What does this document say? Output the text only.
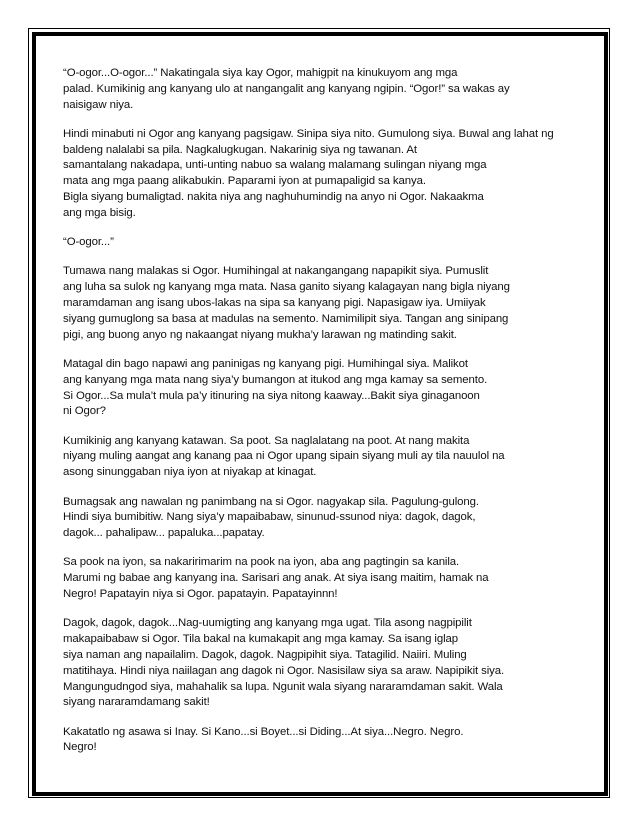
“O-ogor...O-ogor...” Nakatingala siya kay Ogor, mahigpit na kinukuyom ang mga
palad. Kumikinig ang kanyang ulo at nangangalit ang kanyang ngipin. “Ogor!” sa wakas ay
naisigaw niya.
Hindi minabuti ni Ogor ang kanyang pagsigaw. Sinipa siya nito. Gumulong siya. Buwal ang lahat ng
baldeng nalalabi sa pila. Nagkalugkugan. Nakarinig siya ng tawanan. At
samantalang nakadapa, unti-unting nabuo sa walang malamang sulingan niyang mga
mata ang mga paang alikabukin. Paparami iyon at pumapaligid sa kanya.
Bigla siyang bumaligtad. nakita niya ang naghuhumindig na anyo ni Ogor. Nakaakma
ang mga bisig.
“O-ogor...”
Tumawa nang malakas si Ogor. Humihingal at nakangangang napapikit siya. Pumuslit
ang luha sa sulok ng kanyang mga mata. Nasa ganito siyang kalagayan nang bigla niyang
maramdaman ang isang ubos-lakas na sipa sa kanyang pigi. Napasigaw iya. Umiiyak
siyang gumuglong sa basa at madulas na semento. Namimilipit siya. Tangan ang sinipang
pigi, ang buong anyo ng nakaangat niyang mukha’y larawan ng matinding sakit.
Matagal din bago napawi ang paninigas ng kanyang pigi. Humihingal siya. Malikot
ang kanyang mga mata nang siya’y bumangon at itukod ang mga kamay sa semento.
Si Ogor...Sa mula’t mula pa’y itinuring na siya nitong kaaway...Bakit siya ginaganoon
ni Ogor?
Kumikinig ang kanyang katawan. Sa poot. Sa naglalatang na poot. At nang makita
niyang muling aangat ang kanang paa ni Ogor upang sipain siyang muli ay tila nauulol na
asong sinunggaban niya iyon at niyakap at kinagat.
Bumagsak ang nawalan ng panimbang na si Ogor. nagyakap sila. Pagulung-gulong.
Hindi siya bumibitiw. Nang siya’y mapaibabaw, sinunud-ssunod niya: dagok, dagok,
dagok... pahalipaw... papaluka...papatay.
Sa pook na iyon, sa nakaririmarim na pook na iyon, aba ang pagtingin sa kanila.
Marumi ng babae ang kanyang ina. Sarisari ang anak. At siya isang maitim, hamak na
Negro! Papatayin niya si Ogor. papatayin. Papatayinnn!
Dagok, dagok, dagok...Nag-uumigting ang kanyang mga ugat. Tila asong nagpipilit
makapaibabaw si Ogor. Tila bakal na kumakapit ang mga kamay. Sa isang iglap
siya naman ang napailalim. Dagok, dagok. Nagpipihit siya. Tatagilid. Naiiri. Muling
matitihaya. Hindi niya naiilagan ang dagok ni Ogor. Nasisilaw siya sa araw. Napipikit siya.
Mangungudngod siya, mahahalik sa lupa. Ngunit wala siyang nararamdaman sakit. Wala
siyang nararamdamang sakit!
Kakatatlo ng asawa si Inay. Si Kano...si Boyet...si Diding...At siya...Negro. Negro.
Negro!
